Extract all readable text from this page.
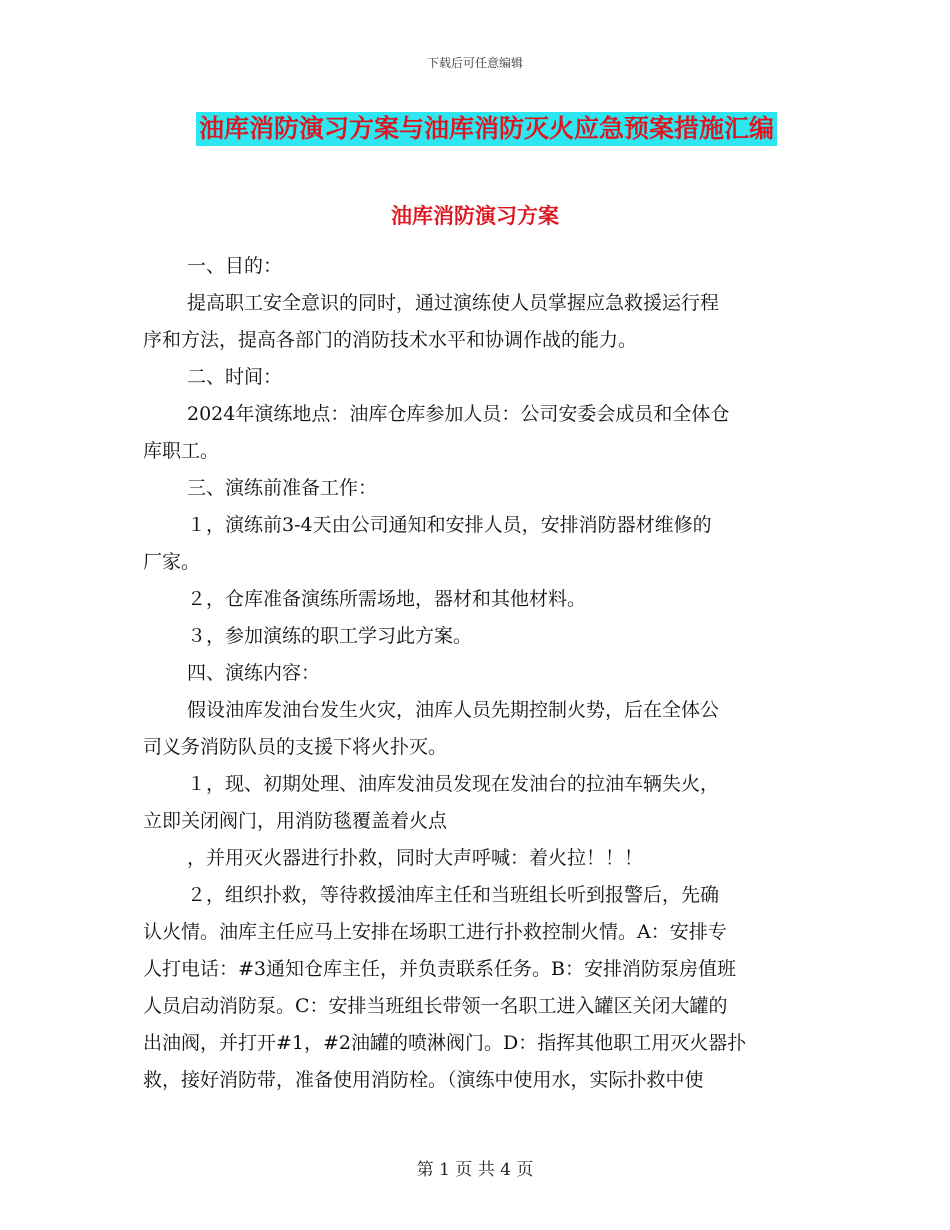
下载后可任意编辑
油库消防演习方案与油库消防灭火应急预案措施汇编
油库消防演习方案
一、目的：
提高职工安全意识的同时，通过演练使人员掌握应急救援运行程
序和方法，提高各部门的消防技术水平和协调作战的能力。
二、时间：
2024年演练地点：油库仓库参加人员：公司安委会成员和全体仓
库职工。
三、演练前准备工作：
１，演练前3-4天由公司通知和安排人员，安排消防器材维修的
厂家。
２，仓库准备演练所需场地，器材和其他材料。
３，参加演练的职工学习此方案。
四、演练内容：
假设油库发油台发生火灾，油库人员先期控制火势，后在全体公
司义务消防队员的支援下将火扑灭。
１，现、初期处理、油库发油员发现在发油台的拉油车辆失火，
立即关闭阀门，用消防毯覆盖着火点
，并用灭火器进行扑救，同时大声呼喊：着火拉！！！
２，组织扑救，等待救援油库主任和当班组长听到报警后，先确
认火情。油库主任应马上安排在场职工进行扑救控制火情。A：安排专
人打电话：#3通知仓库主任，并负责联系任务。B：安排消防泵房值班
人员启动消防泵。C：安排当班组长带领一名职工进入罐区关闭大罐的
出油阀，并打开#1，#2油罐的喷淋阀门。D：指挥其他职工用灭火器扑
救，接好消防带，准备使用消防栓。（演练中使用水，实际扑救中使
第 1 页 共 4 页
